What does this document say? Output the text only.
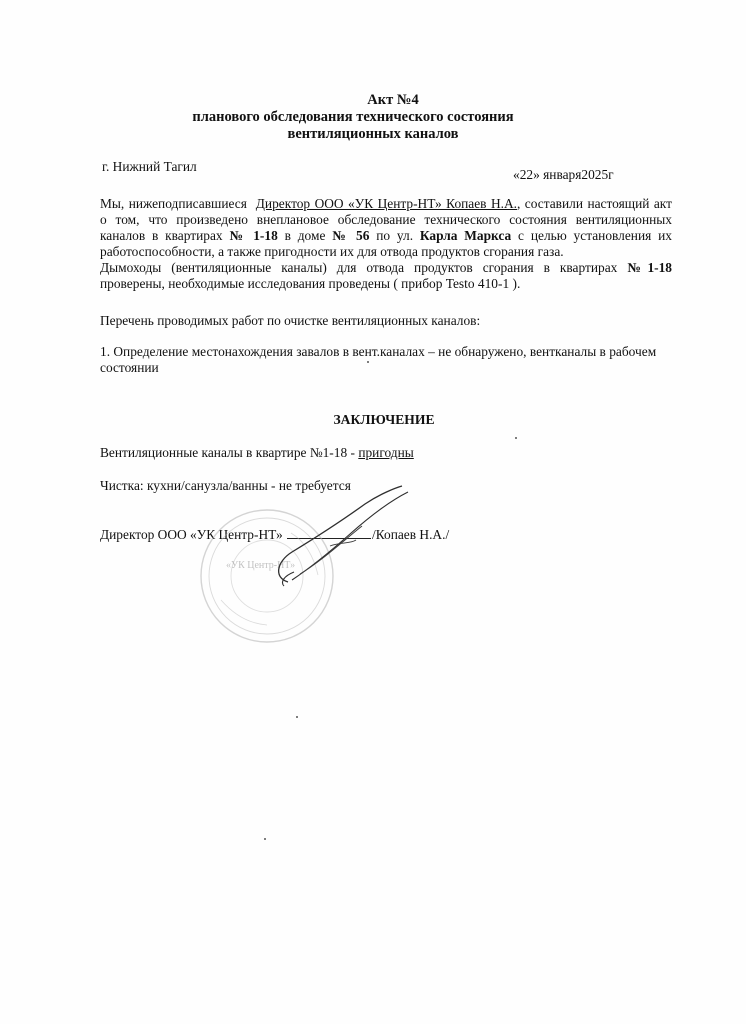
Акт №4
планового обследования технического состояния
вентиляционных каналов
г. Нижний Тагил
«22» января2025г
Мы, нижеподписавшиеся Директор ООО «УК Центр-НТ» Копаев Н.А., составили настоящий акт
о том, что произведено внеплановое обследование технического состояния вентиляционных
каналов в квартирах № 1-18 в доме № 56 по ул. Карла Маркса с целью установления их
работоспособности, а также пригодности их для отвода продуктов сгорания газа.
Дымоходы (вентиляционные каналы) для отвода продуктов сгорания в квартирах №1-18
проверены, необходимые исследования проведены ( прибор Testo 410-1 ).
Перечень проводимых работ по очистке вентиляционных каналов:
1. Определение местонахождения завалов в вент.каналах – не обнаружено, вентканалы в рабочем
состоянии
ЗАКЛЮЧЕНИЕ
Вентиляционные каналы в квартире №1-18 - пригодны
Чистка: кухни/санузла/ванны - не требуется
Директор ООО «УК Центр-НТ»	/Копаев Н.А./
«УК Центр-НТ»
